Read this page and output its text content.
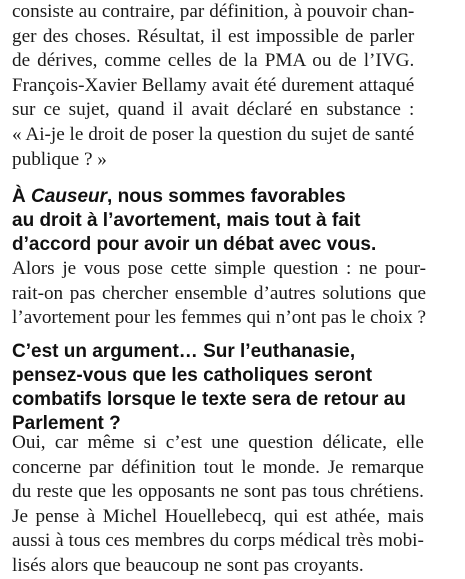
consiste au contraire, par définition, à pouvoir chan-
ger des choses. Résultat, il est impossible de parler
de dérives, comme celles de la PMA ou de l’IVG.
François-Xavier Bellamy avait été durement attaqué
sur ce sujet, quand il avait déclaré en substance :
« Ai-je le droit de poser la question du sujet de santé
publique ? »

À Causeur, nous sommes favorables
au droit à l’avortement, mais tout à fait
d’accord pour avoir un débat avec vous.

Alors je vous pose cette simple question : ne pour-
rait-on pas chercher ensemble d’autres solutions que
l’avortement pour les femmes qui n’ont pas le choix ?

C’est un argument… Sur l’euthanasie,
pensez-vous que les catholiques seront
combatifs lorsque le texte sera de retour au
Parlement ?

Oui, car même si c’est une question délicate, elle
concerne par définition tout le monde. Je remarque
du reste que les opposants ne sont pas tous chrétiens.
Je pense à Michel Houellebecq, qui est athée, mais
aussi à tous ces membres du corps médical très mobi-
lisés alors que beaucoup ne sont pas croyants.
